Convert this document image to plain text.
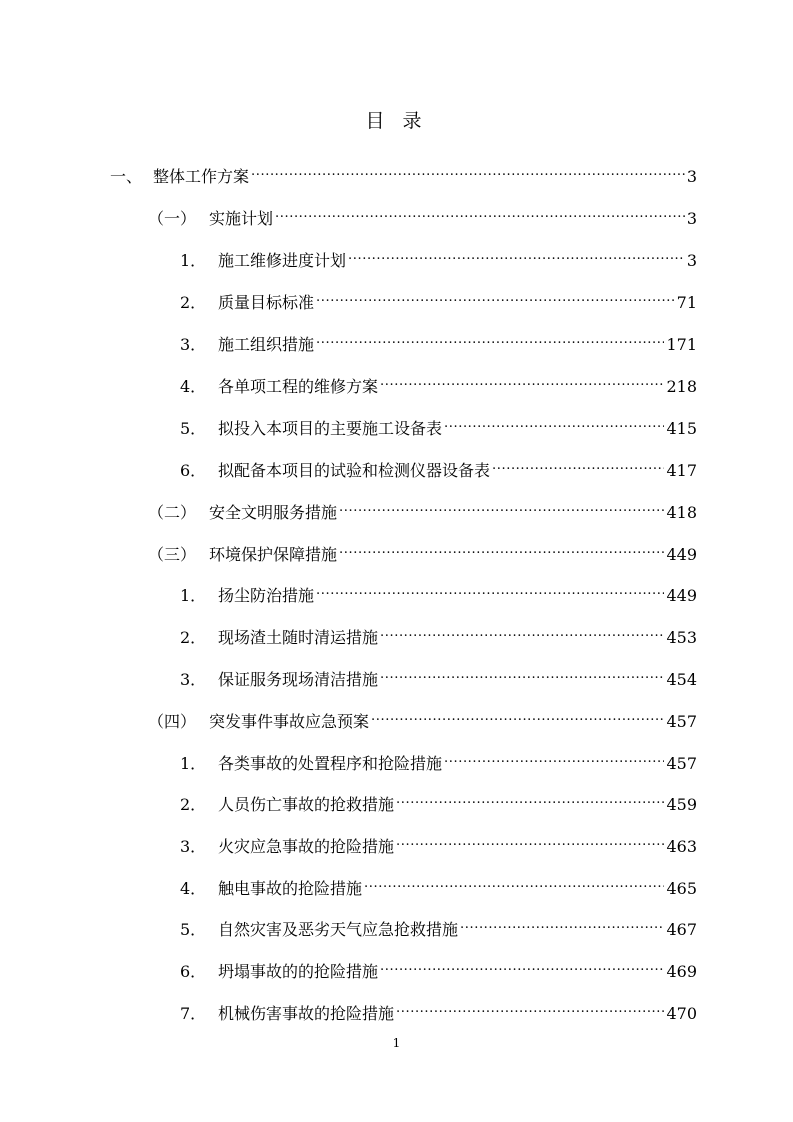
目 录
一、 整体工作方案 .....	3
（一） 实施计划 .....	3
1． 施工维修进度计划 .....	3
2． 质量目标标准 .....	71
3． 施工组织措施 .....	171
4． 各单项工程的维修方案 .....	218
5． 拟投入本项目的主要施工设备表 .....	415
6． 拟配备本项目的试验和检测仪器设备表 .....	417
（二） 安全文明服务措施 .....	418
（三） 环境保护保障措施 .....	449
1． 扬尘防治措施 .....	449
2． 现场渣土随时清运措施 .....	453
3． 保证服务现场清洁措施 .....	454
（四） 突发事件事故应急预案 .....	457
1． 各类事故的处置程序和抢险措施 .....	457
2． 人员伤亡事故的抢救措施 .....	459
3． 火灾应急事故的抢险措施 .....	463
4． 触电事故的抢险措施 .....	465
5． 自然灾害及恶劣天气应急抢救措施 .....	467
6． 坍塌事故的的抢险措施 .....	469
7． 机械伤害事故的抢险措施 .....	470
1
